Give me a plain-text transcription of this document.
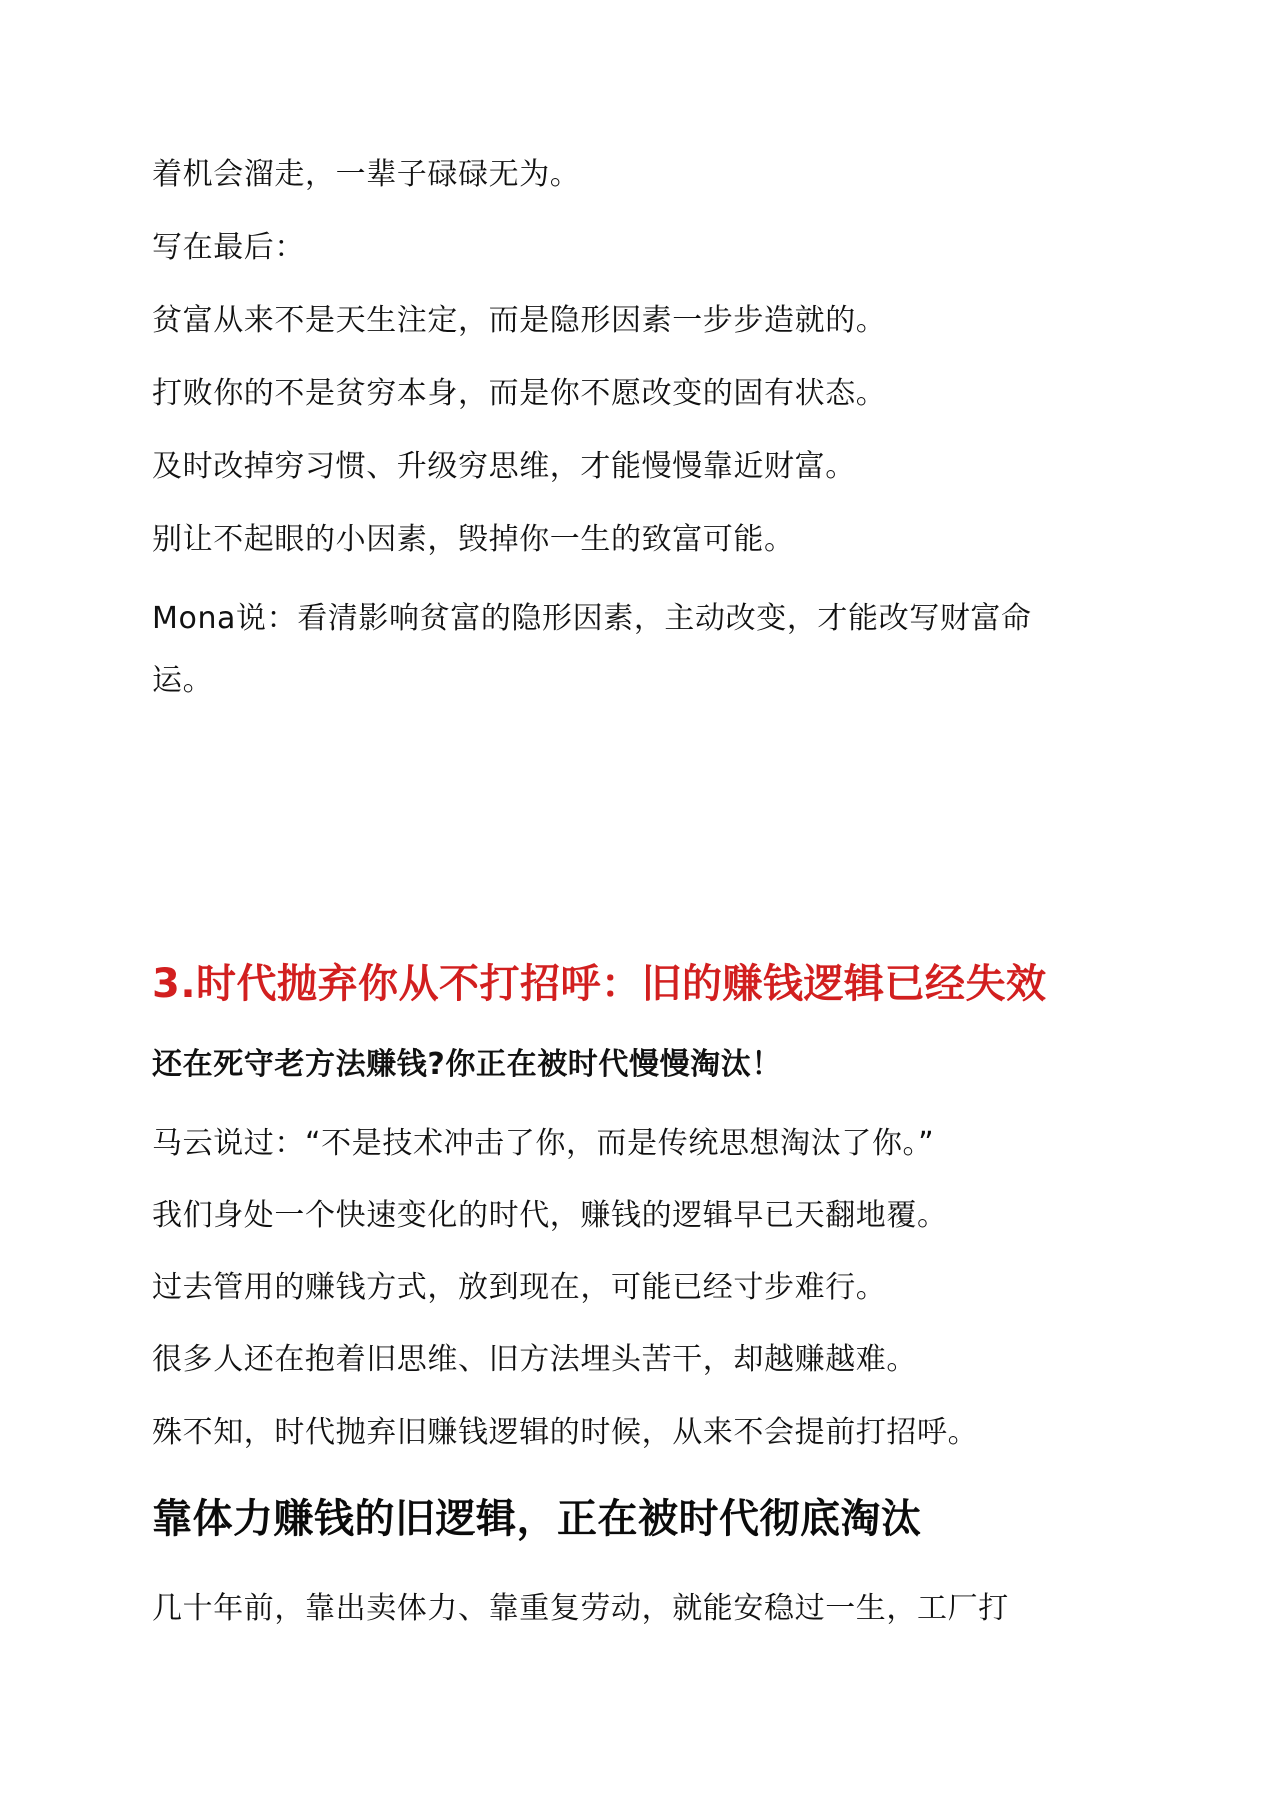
着机会溜走，一辈子碌碌无为。

写在最后：

贫富从来不是天生注定，而是隐形因素一步步造就的。

打败你的不是贫穷本身，而是你不愿改变的固有状态。

及时改掉穷习惯、升级穷思维，才能慢慢靠近财富。

别让不起眼的小因素，毁掉你一生的致富可能。

Mona说：看清影响贫富的隐形因素，主动改变，才能改写财富命

运。

3.时代抛弃你从不打招呼：旧的赚钱逻辑已经失效
还在死守老方法赚钱?你正在被时代慢慢淘汰！

马云说过：“不是技术冲击了你，而是传统思想淘汰了你。”

我们身处一个快速变化的时代，赚钱的逻辑早已天翻地覆。

过去管用的赚钱方式，放到现在，可能已经寸步难行。

很多人还在抱着旧思维、旧方法埋头苦干，却越赚越难。

殊不知，时代抛弃旧赚钱逻辑的时候，从来不会提前打招呼。

靠体力赚钱的旧逻辑，正在被时代彻底淘汰

几十年前，靠出卖体力、靠重复劳动，就能安稳过一生，工厂打
